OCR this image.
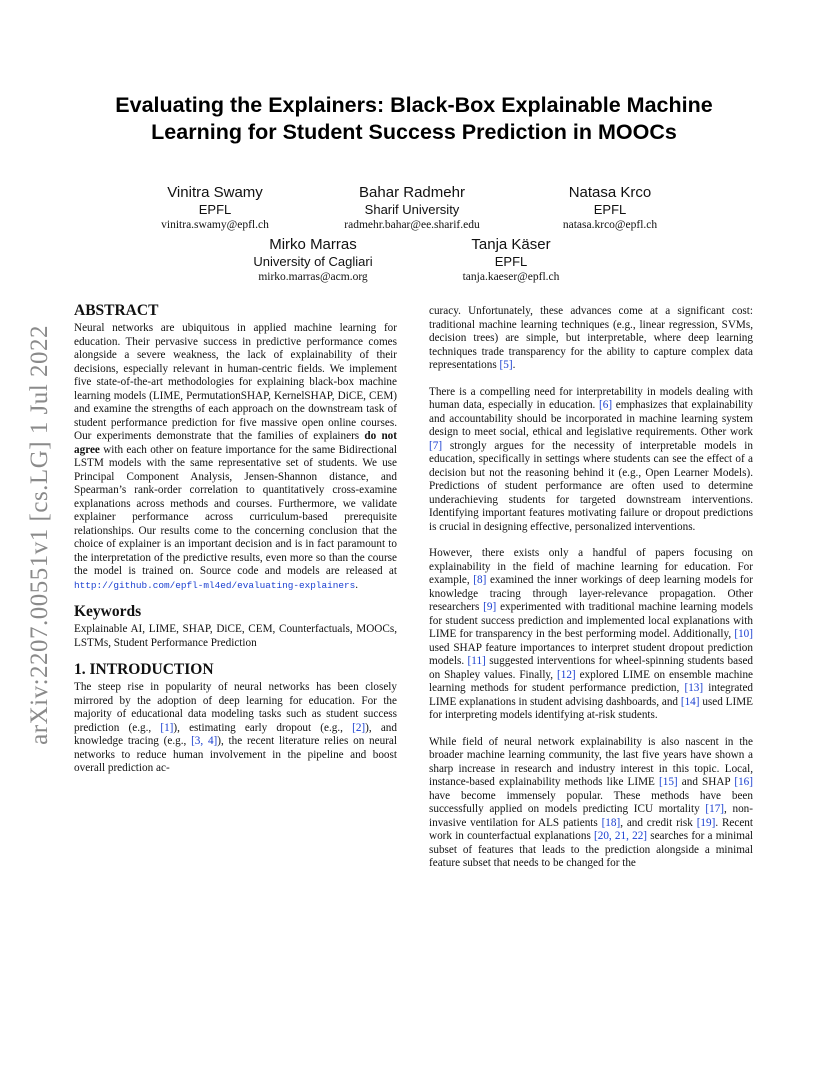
arXiv:2207.00551v1 [cs.LG] 1 Jul 2022
Evaluating the Explainers: Black-Box Explainable Machine
Learning for Student Success Prediction in MOOCs
Vinitra Swamy
EPFL
vinitra.swamy@epfl.ch
Bahar Radmehr
Sharif University
radmehr.bahar@ee.sharif.edu
Natasa Krco
EPFL
natasa.krco@epfl.ch
Mirko Marras
University of Cagliari
mirko.marras@acm.org
Tanja Käser
EPFL
tanja.kaeser@epfl.ch
ABSTRACT

Neural networks are ubiquitous in applied machine learning for education. Their pervasive success in predictive performance comes alongside a severe weakness, the lack of explainability of their decisions, especially relevant in human-centric fields. We implement five state-of-the-art methodologies for explaining black-box machine learning models (LIME, PermutationSHAP, KernelSHAP, DiCE, CEM) and examine the strengths of each approach on the downstream task of student performance prediction for five massive open online courses. Our experiments demonstrate that the families of explainers do not agree with each other on feature importance for the same Bidirectional LSTM models with the same representative set of students. We use Principal Component Analysis, Jensen-Shannon distance, and Spearman’s rank-order correlation to quantitatively cross-examine explanations across methods and courses. Furthermore, we validate explainer performance across curriculum-based prerequisite relationships. Our results come to the concerning conclusion that the choice of explainer is an important decision and is in fact paramount to the interpretation of the predictive results, even more so than the course the model is trained on. Source code and models are released at http://github.com/epfl-ml4ed/evaluating-explainers.

Keywords

Explainable AI, LIME, SHAP, DiCE, CEM, Counterfactuals, MOOCs, LSTMs, Student Performance Prediction

1. INTRODUCTION

The steep rise in popularity of neural networks has been closely mirrored by the adoption of deep learning for education. For the majority of educational data modeling tasks such as student success prediction (e.g., [1]), estimating early dropout (e.g., [2]), and knowledge tracing (e.g., [3, 4]), the recent literature relies on neural networks to reduce human involvement in the pipeline and boost overall prediction ac-

curacy. Unfortunately, these advances come at a significant cost: traditional machine learning techniques (e.g., linear regression, SVMs, decision trees) are simple, but interpretable, where deep learning techniques trade transparency for the ability to capture complex data representations [5].

There is a compelling need for interpretability in models dealing with human data, especially in education. [6] emphasizes that explainability and accountability should be incorporated in machine learning system design to meet social, ethical and legislative requirements. Other work [7] strongly argues for the necessity of interpretable models in education, specifically in settings where students can see the effect of a decision but not the reasoning behind it (e.g., Open Learner Models). Predictions of student performance are often used to determine underachieving students for targeted downstream interventions. Identifying important features motivating failure or dropout predictions is crucial in designing effective, personalized interventions.

However, there exists only a handful of papers focusing on explainability in the field of machine learning for education. For example, [8] examined the inner workings of deep learning models for knowledge tracing through layer-relevance propagation. Other researchers [9] experimented with traditional machine learning models for student success prediction and implemented local explanations with LIME for transparency in the best performing model. Additionally, [10] used SHAP feature importances to interpret student dropout prediction models. [11] suggested interventions for wheel-spinning students based on Shapley values. Finally, [12] explored LIME on ensemble machine learning methods for student performance prediction, [13] integrated LIME explanations in student advising dashboards, and [14] used LIME for interpreting models identifying at-risk students.

While field of neural network explainability is also nascent in the broader machine learning community, the last five years have shown a sharp increase in research and industry interest in this topic. Local, instance-based explainability methods like LIME [15] and SHAP [16] have become immensely popular. These methods have been successfully applied on models predicting ICU mortality [17], non-invasive ventilation for ALS patients [18], and credit risk [19]. Recent work in counterfactual explanations [20, 21, 22] searches for a minimal subset of features that leads to the prediction alongside a minimal feature subset that needs to be changed for the
